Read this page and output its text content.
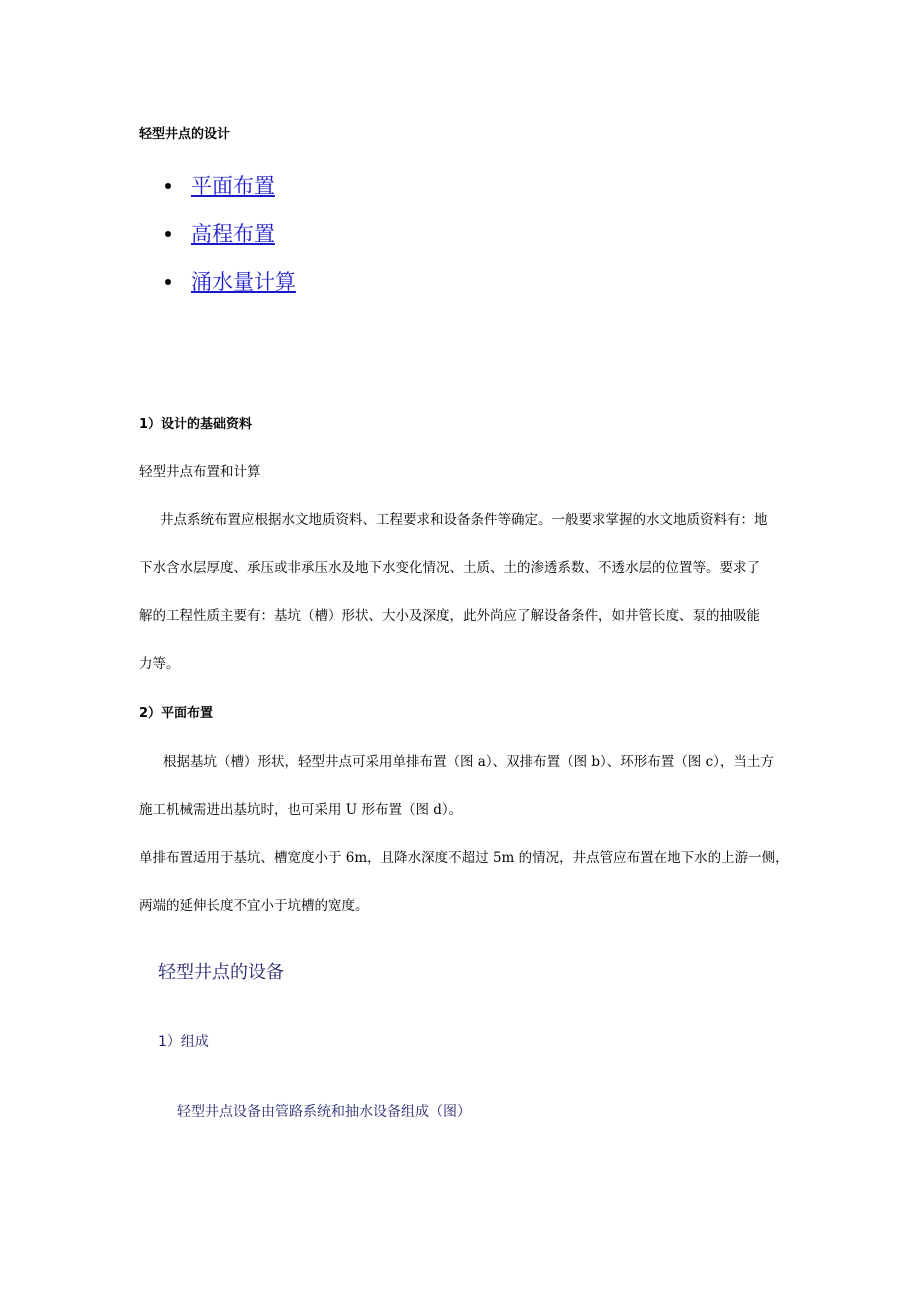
轻型井点的设计
平面布置
高程布置
涌水量计算
1）设计的基础资料
轻型井点布置和计算
井点系统布置应根据水文地质资料、工程要求和设备条件等确定。一般要求掌握的水文地质资料有：地
下水含水层厚度、承压或非承压水及地下水变化情况、土质、土的渗透系数、不透水层的位置等。要求了
解的工程性质主要有：基坑（槽）形状、大小及深度，此外尚应了解设备条件，如井管长度、泵的抽吸能
力等。
2）平面布置
根据基坑（槽）形状，轻型井点可采用单排布置（图 a）、双排布置（图 b）、环形布置（图 c），当土方
施工机械需进出基坑时，也可采用 U 形布置（图 d）。
单排布置适用于基坑、槽宽度小于 6m，且降水深度不超过 5m 的情况，井点管应布置在地下水的上游一侧，
两端的延伸长度不宜小于坑槽的宽度。
轻型井点的设备
1）组成
轻型井点设备由管路系统和抽水设备组成（图）
